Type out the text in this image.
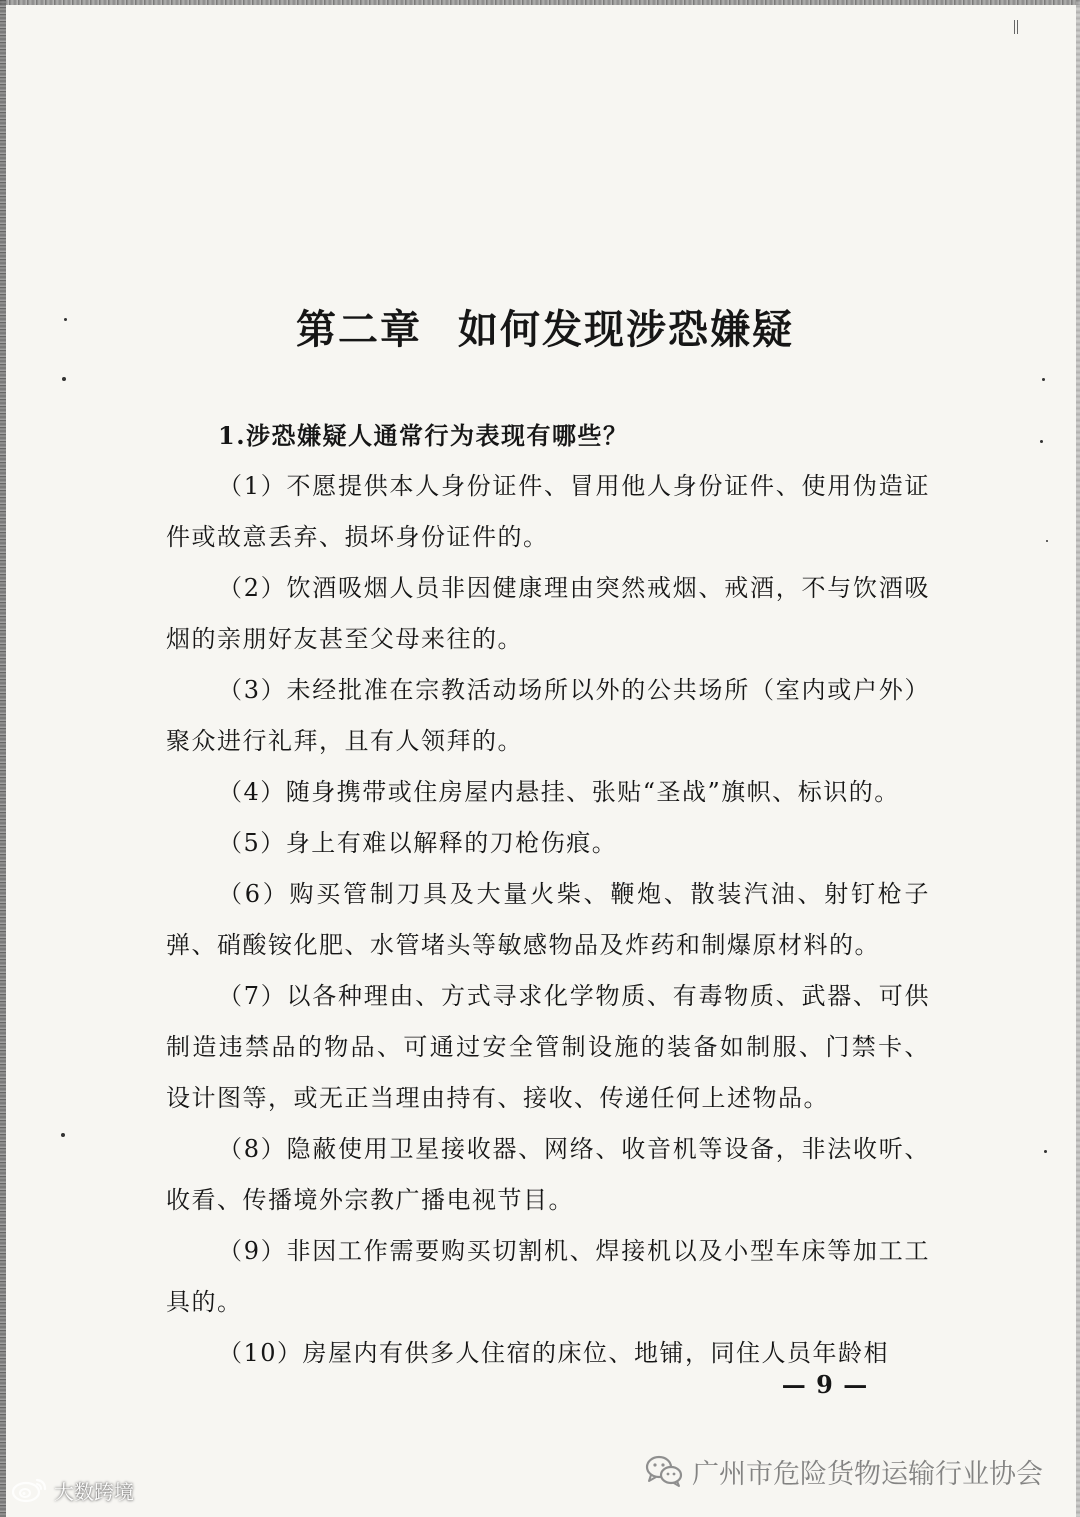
第二章 如何发现涉恐嫌疑

1.涉恐嫌疑人通常行为表现有哪些？

（1）不愿提供本人身份证件、冒用他人身份证件、使用伪造证件或故意丢弃、损坏身份证件的。

（2）饮酒吸烟人员非因健康理由突然戒烟、戒酒，不与饮酒吸烟的亲朋好友甚至父母来往的。

（3）未经批准在宗教活动场所以外的公共场所（室内或户外）聚众进行礼拜，且有人领拜的。

（4）随身携带或住房屋内悬挂、张贴“圣战”旗帜、标识的。

（5）身上有难以解释的刀枪伤痕。

（6）购买管制刀具及大量火柴、鞭炮、散装汽油、射钉枪子弹、硝酸铵化肥、水管堵头等敏感物品及炸药和制爆原材料的。

（7）以各种理由、方式寻求化学物质、有毒物质、武器、可供制造违禁品的物品、可通过安全管制设施的装备如制服、门禁卡、设计图等，或无正当理由持有、接收、传递任何上述物品。

（8）隐蔽使用卫星接收器、网络、收音机等设备，非法收听、收看、传播境外宗教广播电视节目。

（9）非因工作需要购买切割机、焊接机以及小型车床等加工工具的。

（10）房屋内有供多人住宿的床位、地铺，同住人员年龄相

— 9 —
大数跨境
广州市危险货物运输行业协会
